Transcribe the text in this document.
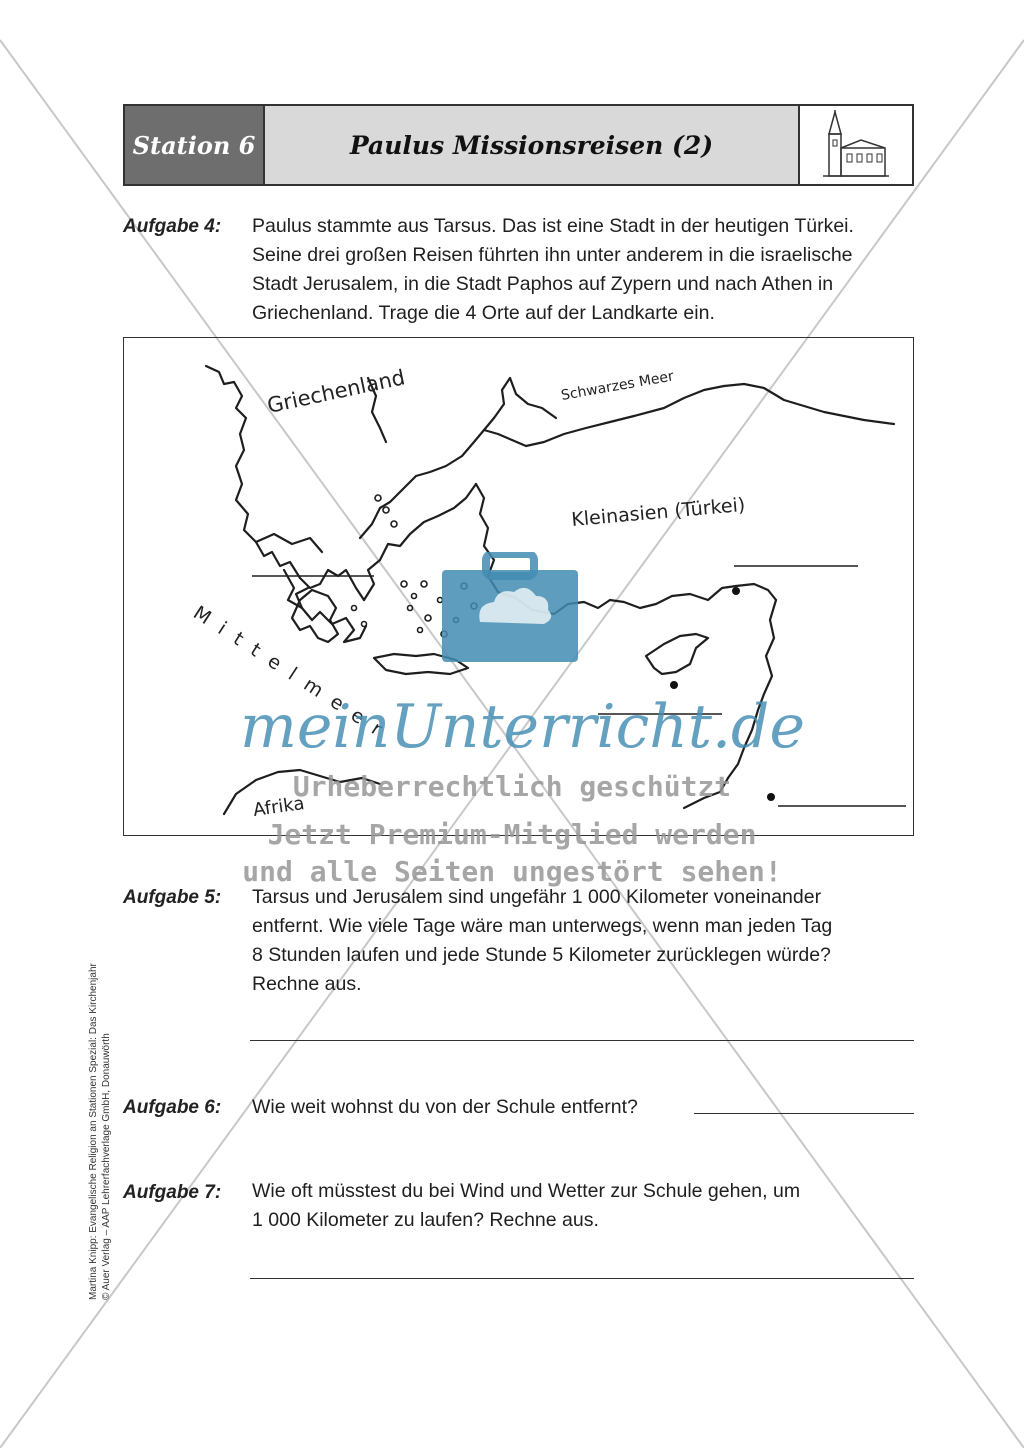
Station 6	Paulus Missionsreisen (2)
Aufgabe 4: Paulus stammte aus Tarsus. Das ist eine Stadt in der heutigen Türkei.
Seine drei großen Reisen führten ihn unter anderem in die israelische
Stadt Jerusalem, in die Stadt Paphos auf Zypern und nach Athen in
Griechenland. Trage die 4 Orte auf der Landkarte ein.
Griechenland	Schwarzes Meer
Kleinasien (Türkei)
Mittelmeer
Afrika
meinUnterricht.de
Urheberrechtlich geschützt
Jetzt Premium-Mitglied werden
und alle Seiten ungestört sehen!
Aufgabe 5: Tarsus und Jerusalem sind ungefähr 1 000 Kilometer voneinander
entfernt. Wie viele Tage wäre man unterwegs, wenn man jeden Tag
8 Stunden laufen und jede Stunde 5 Kilometer zurücklegen würde?
Rechne aus.
Aufgabe 6: Wie weit wohnst du von der Schule entfernt?
Aufgabe 7: Wie oft müsstest du bei Wind und Wetter zur Schule gehen, um
1 000 Kilometer zu laufen? Rechne aus.
Martina Knipp: Evangelische Religion an Stationen Spezial: Das Kirchenjahr © Auer Verlag – AAP Lehrerfachverlage GmbH, Donauwörth
